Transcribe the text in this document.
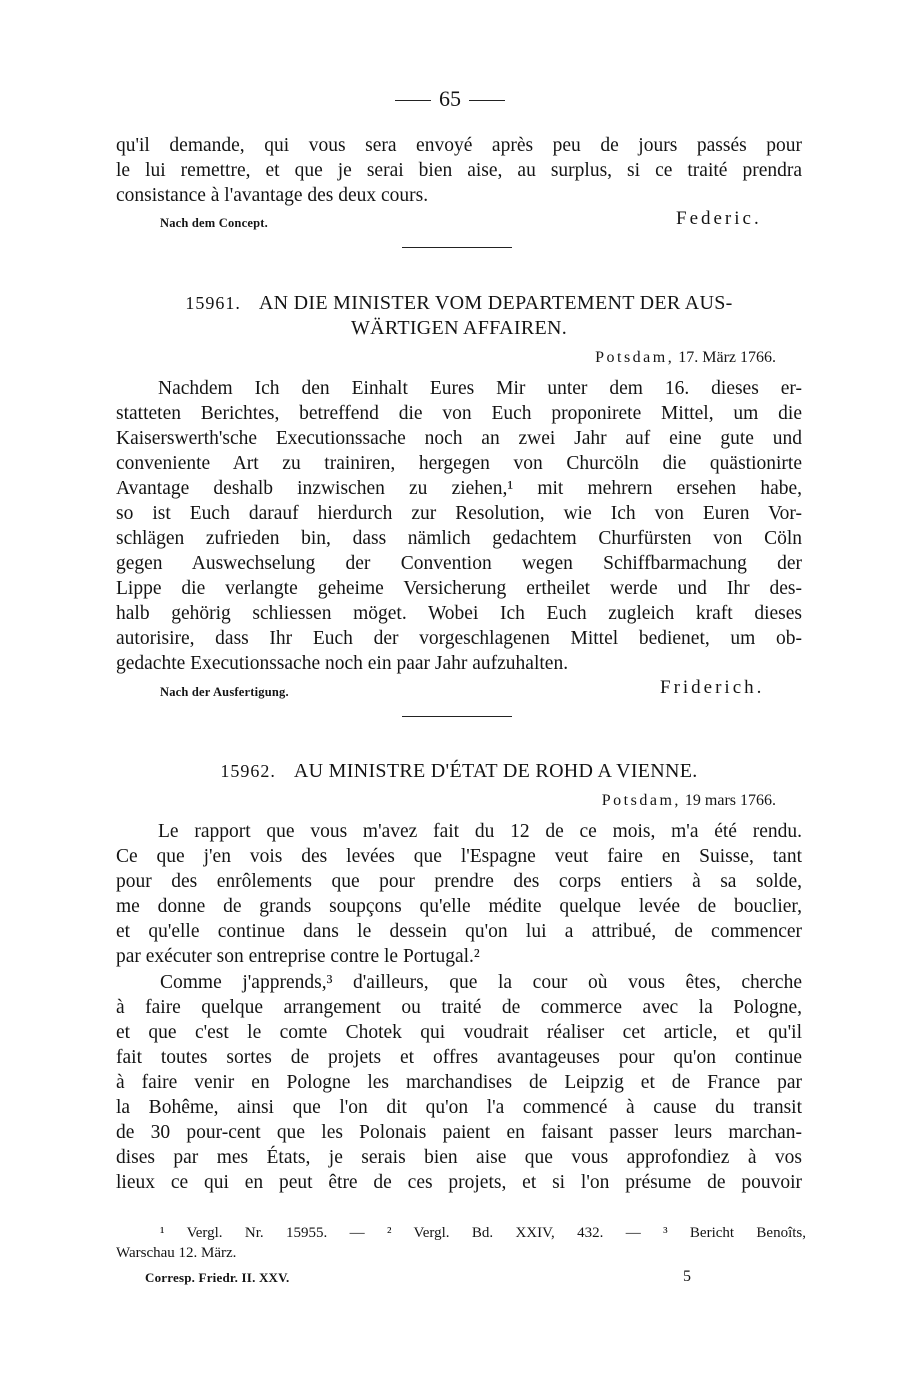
65
qu'il demande, qui vous sera envoyé après peu de jours passés pour
le lui remettre, et que je serai bien aise, au surplus, si ce traité prendra
consistance à l'avantage des deux cours.
Nach dem Concept.	Federic.
15961. AN DIE MINISTER VOM DEPARTEMENT DER AUS-
WÄRTIGEN AFFAIREN.
Potsdam, 17. März 1766.
Nachdem Ich den Einhalt Eures Mir unter dem 16. dieses er-
statteten Berichtes, betreffend die von Euch proponirete Mittel, um die
Kaiserswerth'sche Executionssache noch an zwei Jahr auf eine gute und
conveniente Art zu trainiren, hergegen von Churcöln die quästionirte
Avantage deshalb inzwischen zu ziehen,¹ mit mehrern ersehen habe,
so ist Euch darauf hierdurch zur Resolution, wie Ich von Euren Vor-
schlägen zufrieden bin, dass nämlich gedachtem Churfürsten von Cöln
gegen Auswechselung der Convention wegen Schiffbarmachung der
Lippe die verlangte geheime Versicherung ertheilet werde und Ihr des-
halb gehörig schliessen möget. Wobei Ich Euch zugleich kraft dieses
autorisire, dass Ihr Euch der vorgeschlagenen Mittel bedienet, um ob-
gedachte Executionssache noch ein paar Jahr aufzuhalten.
Nach der Ausfertigung.	Friderich.
15962. AU MINISTRE D'ÉTAT DE ROHD A VIENNE.
Potsdam, 19 mars 1766.
Le rapport que vous m'avez fait du 12 de ce mois, m'a été rendu.
Ce que j'en vois des levées que l'Espagne veut faire en Suisse, tant
pour des enrôlements que pour prendre des corps entiers à sa solde,
me donne de grands soupçons qu'elle médite quelque levée de bouclier,
et qu'elle continue dans le dessein qu'on lui a attribué, de commencer
par exécuter son entreprise contre le Portugal.²
Comme j'apprends,³ d'ailleurs, que la cour où vous êtes, cherche
à faire quelque arrangement ou traité de commerce avec la Pologne,
et que c'est le comte Chotek qui voudrait réaliser cet article, et qu'il
fait toutes sortes de projets et offres avantageuses pour qu'on continue
à faire venir en Pologne les marchandises de Leipzig et de France par
la Bohême, ainsi que l'on dit qu'on l'a commencé à cause du transit
de 30 pour-cent que les Polonais paient en faisant passer leurs marchan-
dises par mes États, je serais bien aise que vous approfondiez à vos
lieux ce qui en peut être de ces projets, et si l'on présume de pouvoir
¹ Vergl. Nr. 15955. — ² Vergl. Bd. XXIV, 432. — ³ Bericht Benoîts,
Warschau 12. März.
Corresp. Friedr. II. XXV.	5
